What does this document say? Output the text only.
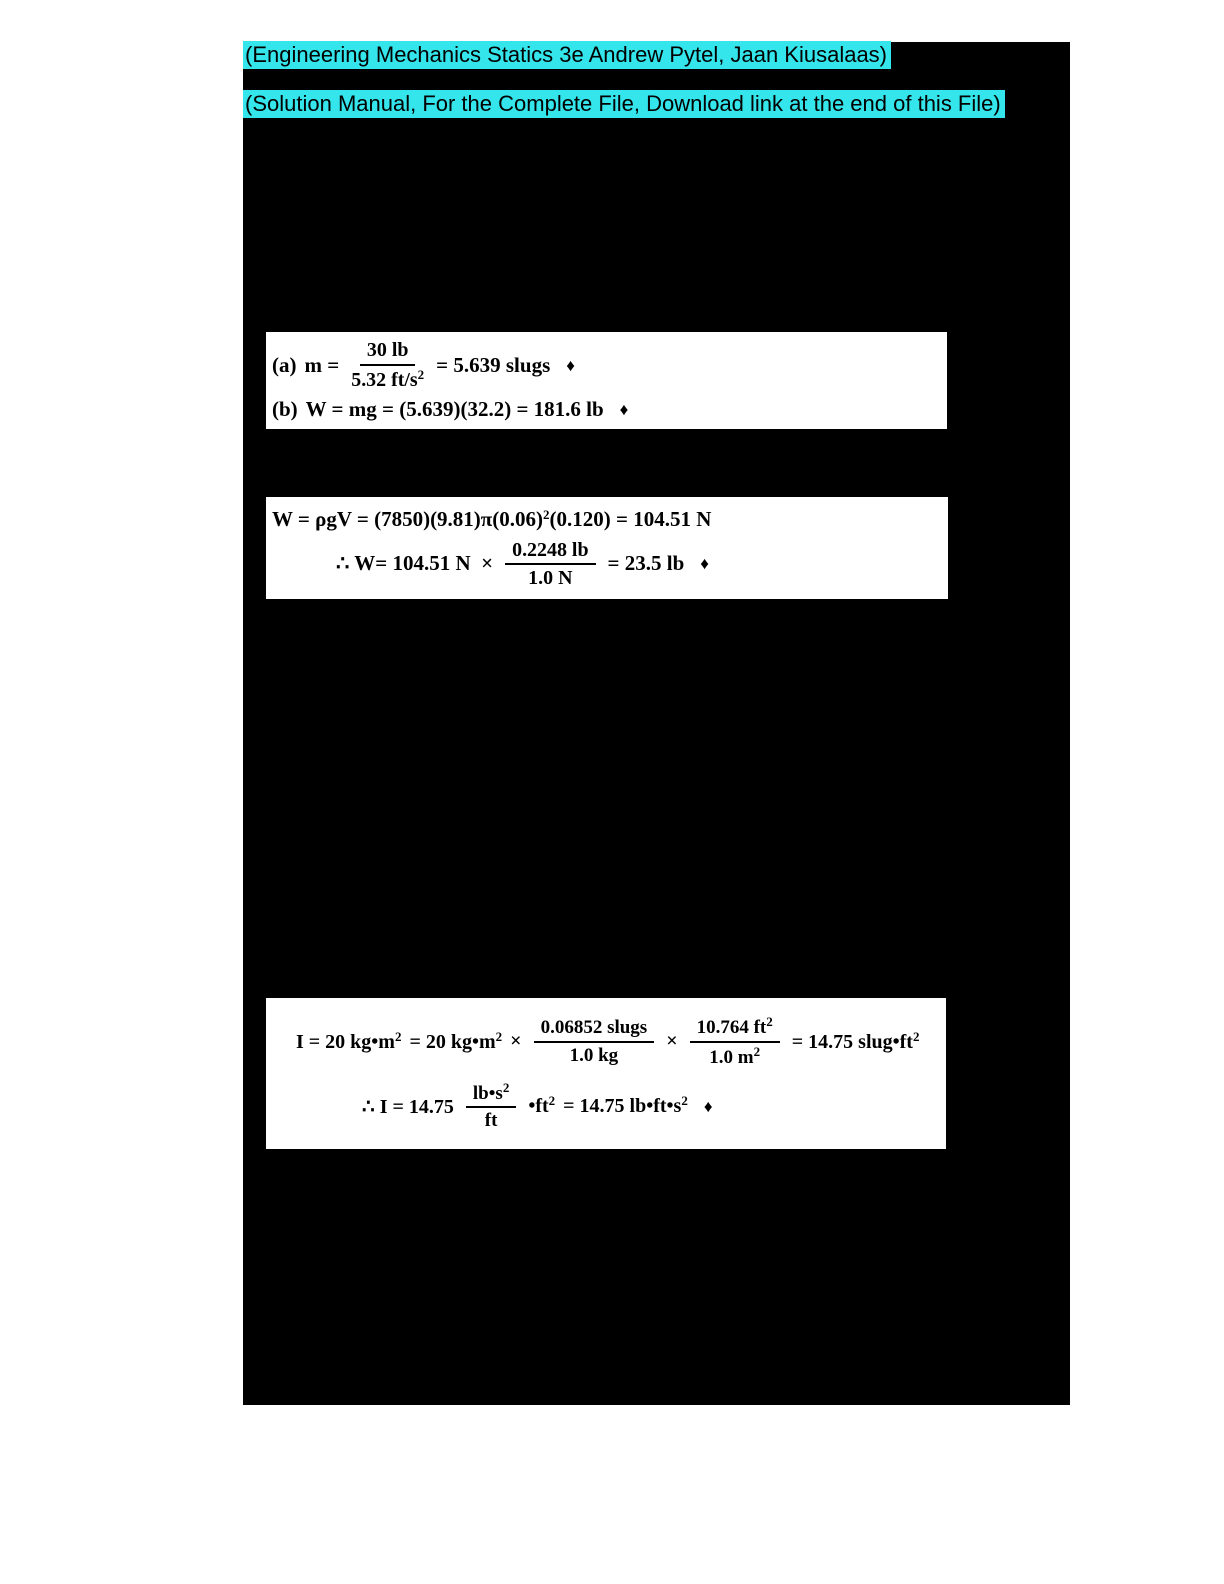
(Engineering Mechanics Statics 3e Andrew Pytel, Jaan Kiusalaas)
(Solution Manual, For the Complete File, Download link at the end of this File)
(a) $m = \frac{30 lb}{5.32 ft/s^2} = 5.639$ slugs ♦
(b) W = mg = (5.639)(32.2) = 181.6 lb ♦
$W = \rho gV = (7850)(9.81)\pi(0.06)^2(0.120) = 104.51$ N
∴ W= 104.51 $N \times \frac{0.2248 lb}{1.0 N} = 23.5$ lb ♦
I = 20 $kg•m^2 = 20$ $kg•m^2 \times \frac{\text{0.06852 slugs}}{1.0 kg} \times \frac{10.764 ft^2}{1.0 m^2} = 14.75$ $slug•ft^2$
∴ $I = 14.75 \frac{lb•s^2}{ft}$ $•ft^2 = 14.75$ $lb•ft•s^2$ ♦
